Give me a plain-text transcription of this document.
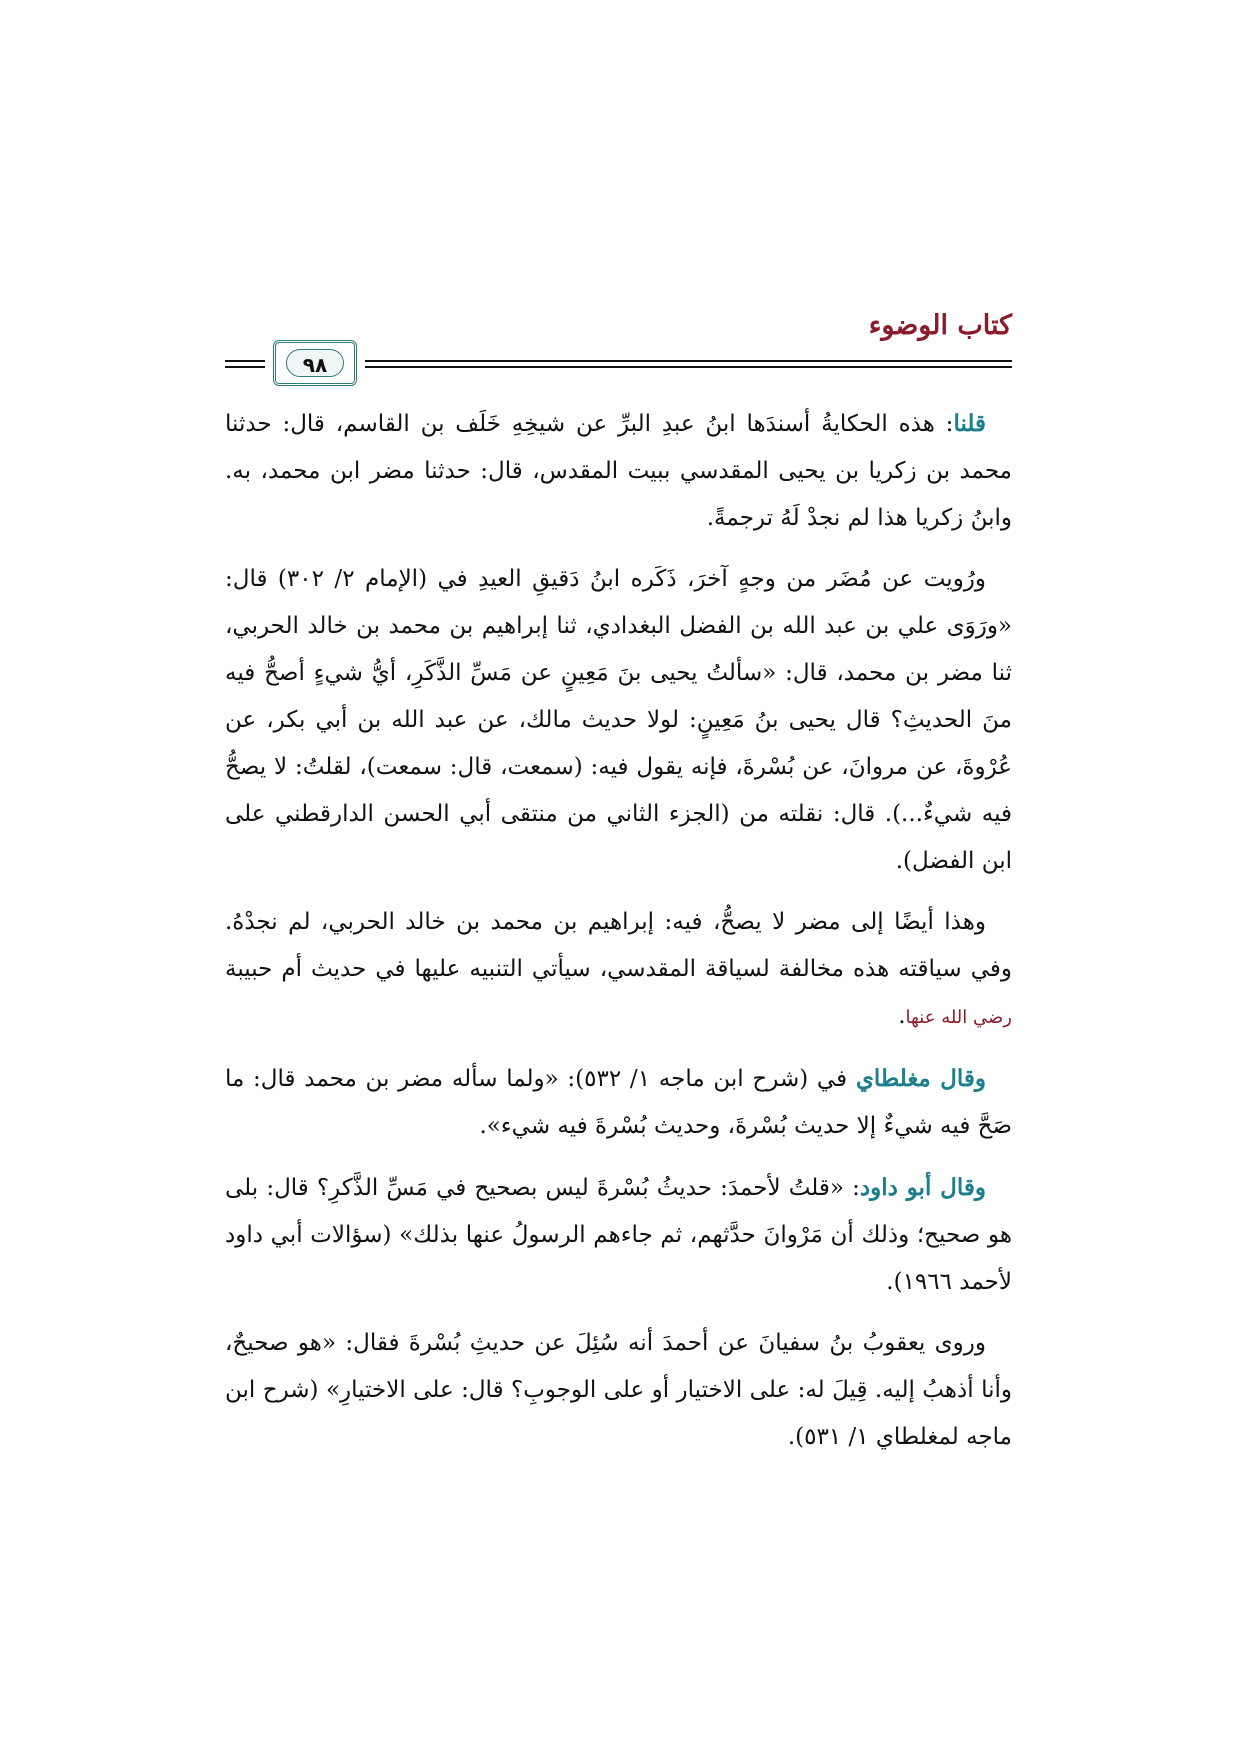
كتاب الوضوء
٩٨

قلنا: هذه الحكايةُ أسندَها ابنُ عبدِ البرِّ عن شيخِهِ خَلَف بن القاسم، قال: حدثنا محمد بن زكريا بن يحيى المقدسي ببيت المقدس، قال: حدثنا مضر ابن محمد، به. وابنُ زكريا هذا لم نجدْ لَهُ ترجمةً.

ورُويت عن مُضَر من وجهٍ آخرَ، ذَكَره ابنُ دَقيقِ العيدِ في (الإمام ٢/ ٣٠٢) قال: «ورَوَى علي بن عبد الله بن الفضل البغدادي، ثنا إبراهيم بن محمد بن خالد الحربي، ثنا مضر بن محمد، قال: «سألتُ يحيى بنَ مَعِينٍ عن مَسِّ الذَّكَرِ، أيُّ شيءٍ أصحُّ فيه منَ الحديثِ؟ قال يحيى بنُ مَعِينٍ: لولا حديث مالك، عن عبد الله بن أبي بكر، عن عُرْوةَ، عن مروانَ، عن بُسْرةَ، فإنه يقول فيه: (سمعت، قال: سمعت)، لقلتُ: لا يصحُّ فيه شيءٌ...). قال: نقلته من (الجزء الثاني من منتقى أبي الحسن الدارقطني على ابن الفضل).

وهذا أيضًا إلى مضر لا يصحُّ، فيه: إبراهيم بن محمد بن خالد الحربي، لم نجدْهُ. وفي سياقته هذه مخالفة لسياقة المقدسي، سيأتي التنبيه عليها في حديث أم حبيبة رضي الله عنها.

وقال مغلطاي في (شرح ابن ماجه ١/ ٥٣٢): «ولما سأله مضر بن محمد قال: ما صَحَّ فيه شيءٌ إلا حديث بُسْرةَ، وحديث بُسْرةَ فيه شيء».

وقال أبو داود: «قلتُ لأحمدَ: حديثُ بُسْرةَ ليس بصحيح في مَسِّ الذَّكرِ؟ قال: بلى هو صحيح؛ وذلك أن مَرْوانَ حدَّثهم، ثم جاءهم الرسولُ عنها بذلك» (سؤالات أبي داود لأحمد ١٩٦٦).

وروى يعقوبُ بنُ سفيانَ عن أحمدَ أنه سُئِلَ عن حديثِ بُسْرةَ فقال: «هو صحيحٌ، وأنا أذهبُ إليه. قِيلَ له: على الاختيار أو على الوجوبِ؟ قال: على الاختيارِ» (شرح ابن ماجه لمغلطاي ١/ ٥٣١).
